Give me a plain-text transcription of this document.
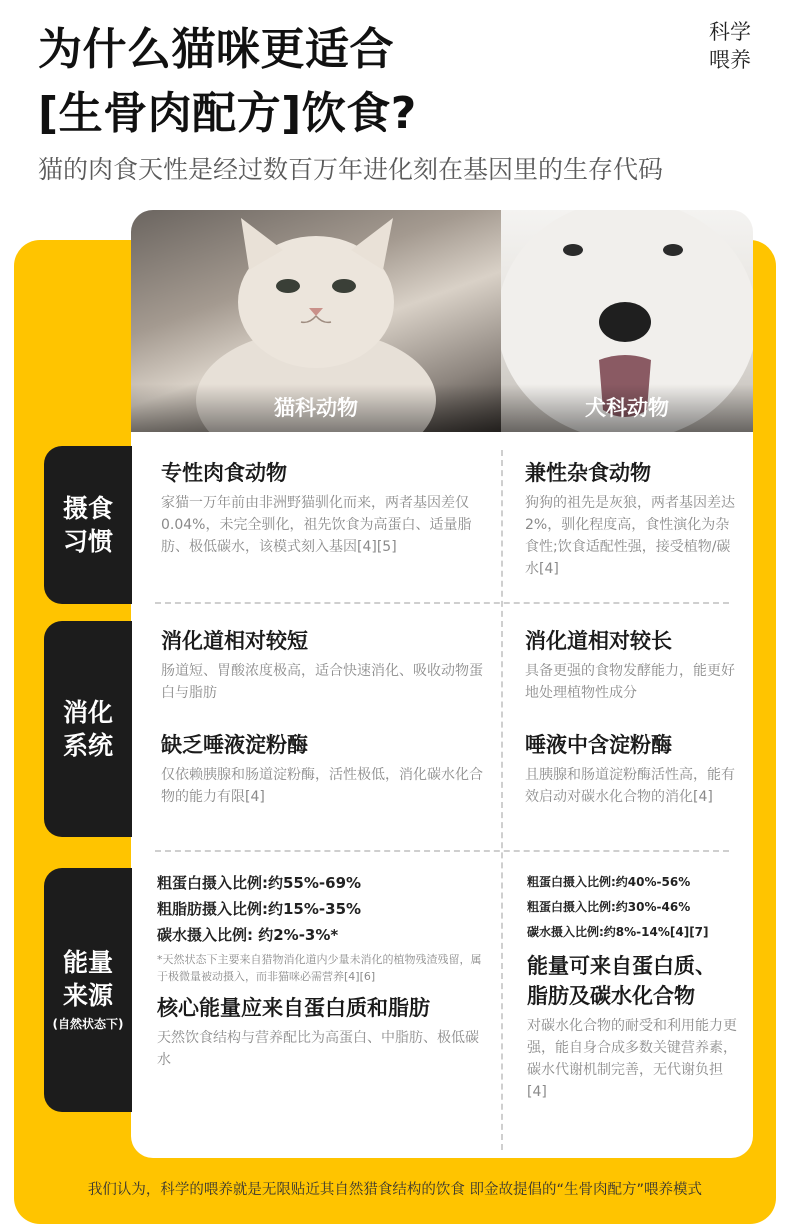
为什么猫咪更适合
[生骨肉配方]饮食?
科学
喂养
猫的肉食天性是经过数百万年进化刻在基因里的生存代码
猫科动物	犬科动物
专性肉食动物
家猫一万年前由非洲野猫驯化而来，两者基因差仅0.04%，未完全驯化，祖先饮食为高蛋白、适量脂肪、极低碳水，该模式刻入基因[4][5]
兼性杂食动物
狗狗的祖先是灰狼，两者基因差达2%，驯化程度高，食性演化为杂食性;饮食适配性强，接受植物/碳水[4]
消化道相对较短
肠道短、胃酸浓度极高，适合快速消化、吸收动物蛋白与脂肪
消化道相对较长
具备更强的食物发酵能力，能更好地处理植物性成分
缺乏唾液淀粉酶
仅依赖胰腺和肠道淀粉酶，活性极低，消化碳水化合物的能力有限[4]
唾液中含淀粉酶
且胰腺和肠道淀粉酶活性高，能有效启动对碳水化合物的消化[4]
粗蛋白摄入比例:约55%-69%
粗脂肪摄入比例:约15%-35%
碳水摄入比例: 约2%-3%*
*天然状态下主要来自猎物消化道内少量未消化的植物残渣残留，属于极微量被动摄入，而非猫咪必需营养[4][6]
核心能量应来自蛋白质和脂肪
天然饮食结构与营养配比为高蛋白、中脂肪、极低碳水
粗蛋白摄入比例:约40%-56%
粗蛋白摄入比例:约30%-46%
碳水摄入比例:约8%-14%[4][7]
能量可来自蛋白质、
脂肪及碳水化合物
对碳水化合物的耐受和利用能力更强，能自身合成多数关键营养素，碳水代谢机制完善，无代谢负担[4]
摄食习惯
消化系统
能量来源
(自然状态下)
我们认为，科学的喂养就是无限贴近其自然猎食结构的饮食 即金故提倡的“生骨肉配方”喂养模式
